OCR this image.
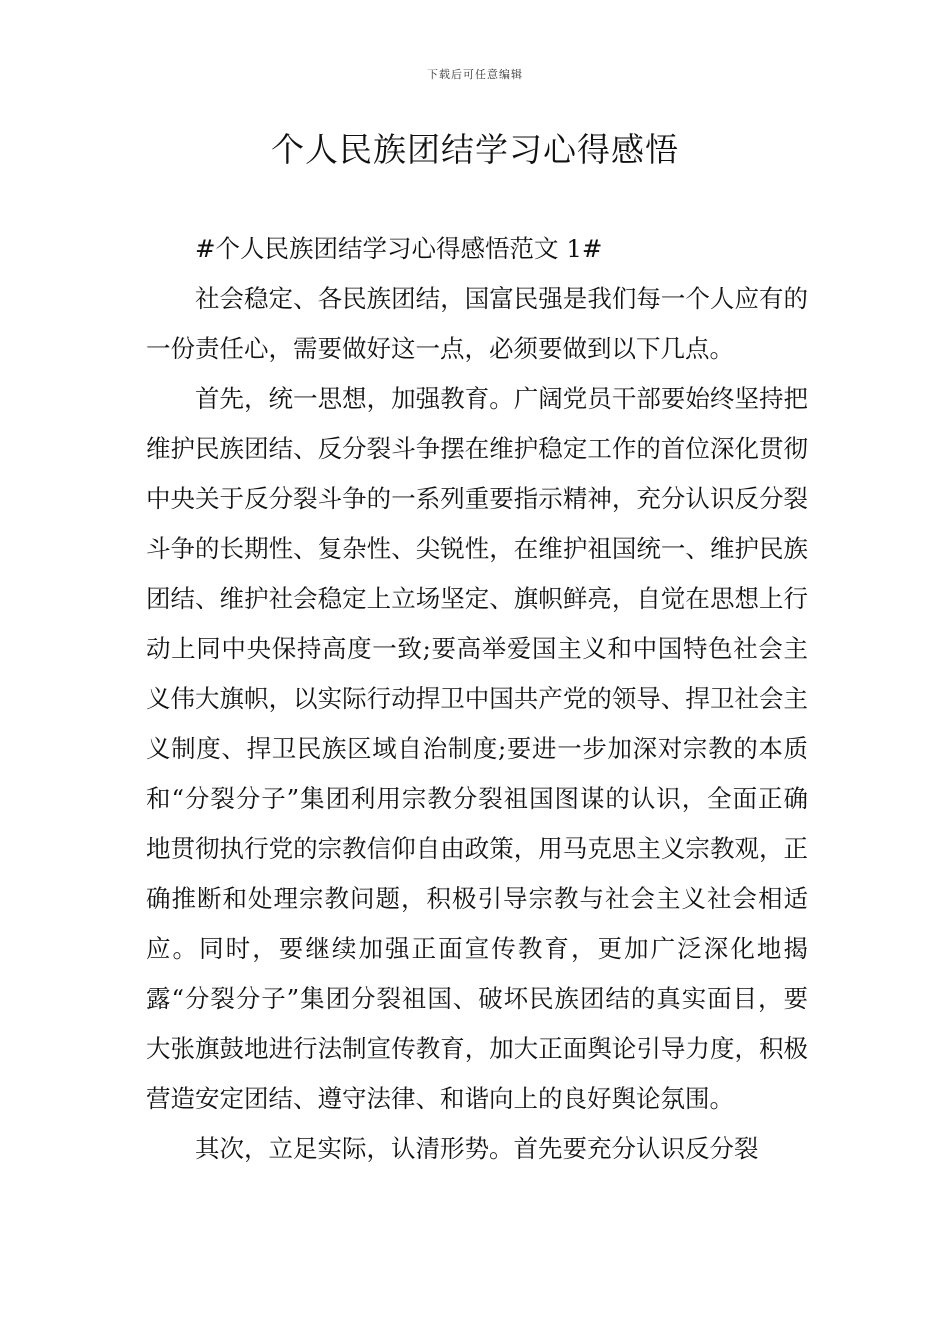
下载后可任意编辑
个人民族团结学习心得感悟

#个人民族团结学习心得感悟范文 1#

社会稳定、各民族团结，国富民强是我们每一个人应有的一份责任心，需要做好这一点，必须要做到以下几点。

首先，统一思想，加强教育。广阔党员干部要始终坚持把维护民族团结、反分裂斗争摆在维护稳定工作的首位深化贯彻中央关于反分裂斗争的一系列重要指示精神，充分认识反分裂斗争的长期性、复杂性、尖锐性，在维护祖国统一、维护民族团结、维护社会稳定上立场坚定、旗帜鲜亮，自觉在思想上行动上同中央保持高度一致;要高举爱国主义和中国特色社会主义伟大旗帜，以实际行动捍卫中国共产党的领导、捍卫社会主义制度、捍卫民族区域自治制度;要进一步加深对宗教的本质和“分裂分子”集团利用宗教分裂祖国图谋的认识，全面正确地贯彻执行党的宗教信仰自由政策，用马克思主义宗教观，正确推断和处理宗教问题，积极引导宗教与社会主义社会相适应。同时，要继续加强正面宣传教育，更加广泛深化地揭露“分裂分子”集团分裂祖国、破坏民族团结的真实面目，要大张旗鼓地进行法制宣传教育，加大正面舆论引导力度，积极营造安定团结、遵守法律、和谐向上的良好舆论氛围。

其次，立足实际，认清形势。首先要充分认识反分裂
